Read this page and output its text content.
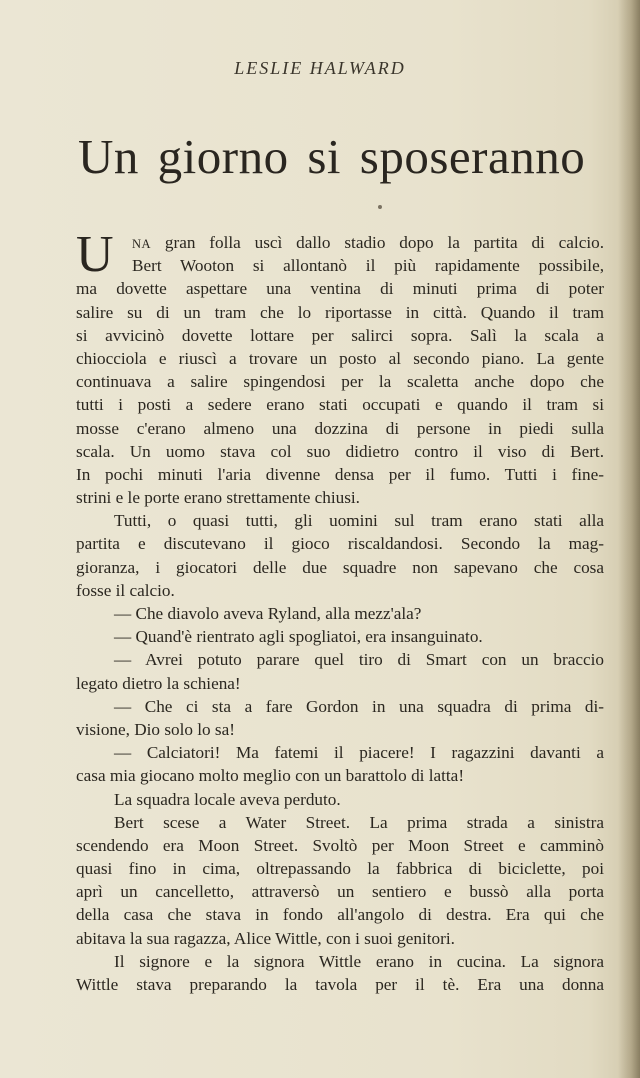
LESLIE HALWARD
Un giorno si sposeranno
U	NA gran folla uscì dallo stadio dopo la partita di calcio.
Bert Wooton si allontanò il più rapidamente possibile,
ma dovette aspettare una ventina di minuti prima di poter
salire su di un tram che lo riportasse in città. Quando il tram
si avvicinò dovette lottare per salirci sopra. Salì la scala a
chiocciola e riuscì a trovare un posto al secondo piano. La gente
continuava a salire spingendosi per la scaletta anche dopo che
tutti i posti a sedere erano stati occupati e quando il tram si
mosse c'erano almeno una dozzina di persone in piedi sulla
scala. Un uomo stava col suo didietro contro il viso di Bert.
In pochi minuti l'aria divenne densa per il fumo. Tutti i fine-
strini e le porte erano strettamente chiusi.
Tutti, o quasi tutti, gli uomini sul tram erano stati alla
partita e discutevano il gioco riscaldandosi. Secondo la mag-
gioranza, i giocatori delle due squadre non sapevano che cosa
fosse il calcio.
— Che diavolo aveva Ryland, alla mezz'ala?
— Quand'è rientrato agli spogliatoi, era insanguinato.
— Avrei potuto parare quel tiro di Smart con un braccio
legato dietro la schiena!
— Che ci sta a fare Gordon in una squadra di prima di-
visione, Dio solo lo sa!
— Calciatori! Ma fatemi il piacere! I ragazzini davanti a
casa mia giocano molto meglio con un barattolo di latta!
La squadra locale aveva perduto.
Bert scese a Water Street. La prima strada a sinistra
scendendo era Moon Street. Svoltò per Moon Street e camminò
quasi fino in cima, oltrepassando la fabbrica di biciclette, poi
aprì un cancelletto, attraversò un sentiero e bussò alla porta
della casa che stava in fondo all'angolo di destra. Era qui che
abitava la sua ragazza, Alice Wittle, con i suoi genitori.
Il signore e la signora Wittle erano in cucina. La signora
Wittle stava preparando la tavola per il tè. Era una donna
